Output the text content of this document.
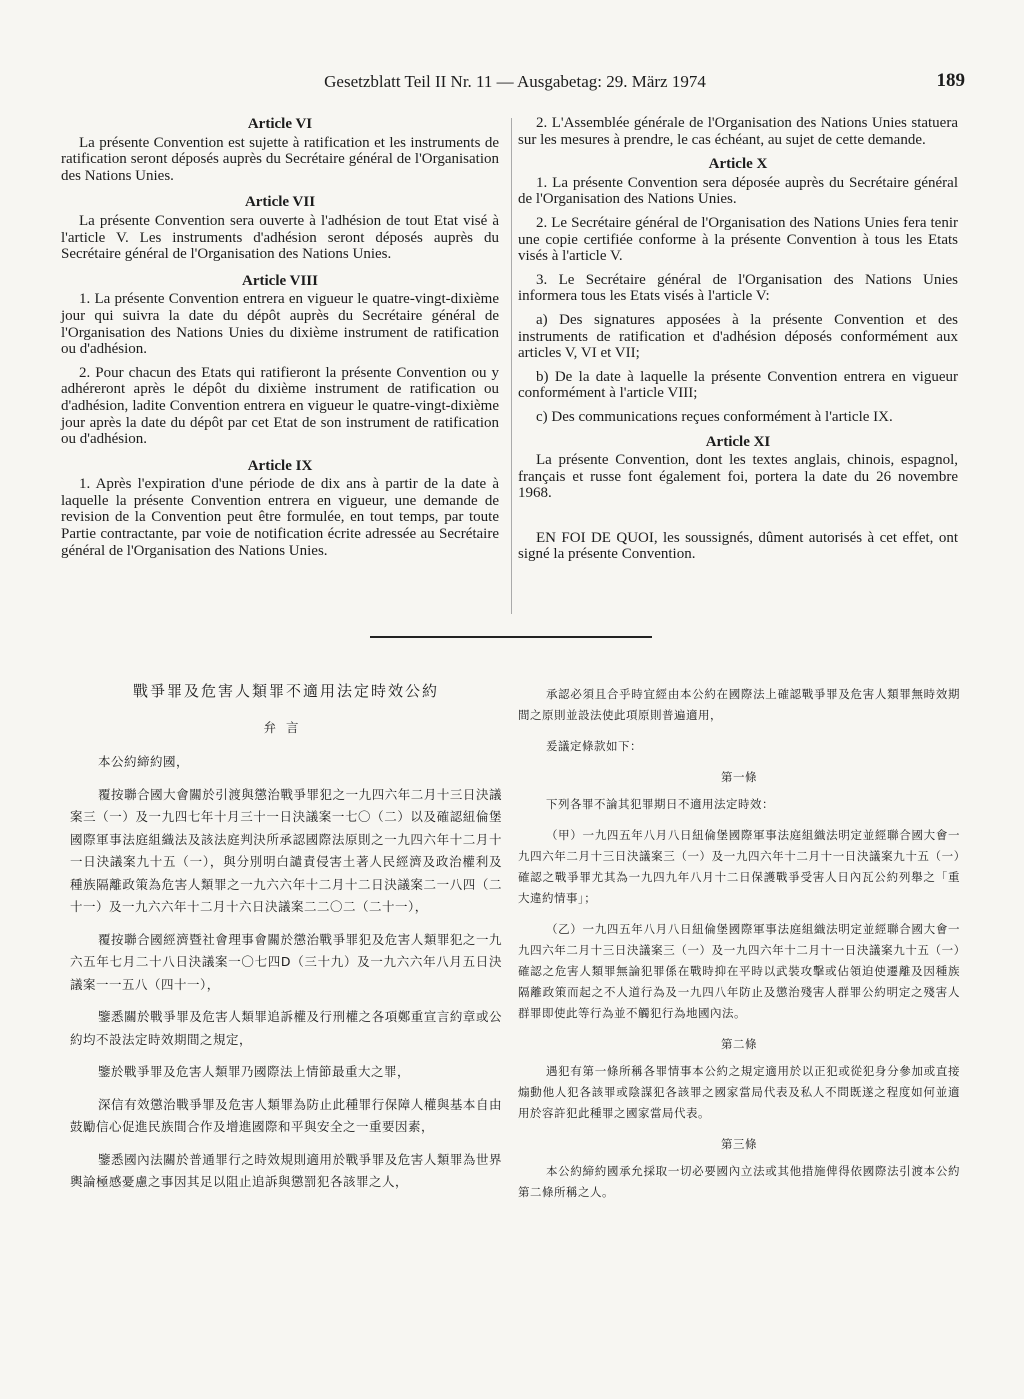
Gesetzblatt Teil II Nr. 11 — Ausgabetag: 29. März 1974	189
Article VI

La présente Convention est sujette à ratification et les instruments de ratification seront déposés auprès du Secrétaire général de l'Organisation des Nations Unies.

Article VII

La présente Convention sera ouverte à l'adhésion de tout Etat visé à l'article V. Les instruments d'adhésion seront déposés auprès du Secrétaire général de l'Organisation des Nations Unies.

Article VIII

1. La présente Convention entrera en vigueur le quatre-vingt-dixième jour qui suivra la date du dépôt auprès du Secrétaire général de l'Organisation des Nations Unies du dixième instrument de ratification ou d'adhésion.

2. Pour chacun des Etats qui ratifieront la présente Convention ou y adhéreront après le dépôt du dixième instrument de ratification ou d'adhésion, ladite Convention entrera en vigueur le quatre-vingt-dixième jour après la date du dépôt par cet Etat de son instrument de ratification ou d'adhésion.

Article IX

1. Après l'expiration d'une période de dix ans à partir de la date à laquelle la présente Convention entrera en vigueur, une demande de revision de la Convention peut être formulée, en tout temps, par toute Partie contractante, par voie de notification écrite adressée au Secrétaire général de l'Organisation des Nations Unies.

2. L'Assemblée générale de l'Organisation des Nations Unies statuera sur les mesures à prendre, le cas échéant, au sujet de cette demande.

Article X

1. La présente Convention sera déposée auprès du Secrétaire général de l'Organisation des Nations Unies.

2. Le Secrétaire général de l'Organisation des Nations Unies fera tenir une copie certifiée conforme à la présente Convention à tous les Etats visés à l'article V.

3. Le Secrétaire général de l'Organisation des Nations Unies informera tous les Etats visés à l'article V:

a) Des signatures apposées à la présente Convention et des instruments de ratification et d'adhésion déposés conformément aux articles V, VI et VII;

b) De la date à laquelle la présente Convention entrera en vigueur conformément à l'article VIII;

c) Des communications reçues conformément à l'article IX.

Article XI

La présente Convention, dont les textes anglais, chinois, espagnol, français et russe font également foi, portera la date du 26 novembre 1968.

EN FOI DE QUOI, les soussignés, dûment autorisés à cet effet, ont signé la présente Convention.

戰爭罪及危害人類罪不適用法定時效公約
弁言

本公約締約國，

覆按聯合國大會關於引渡與懲治戰爭罪犯之一九四六年二月十三日決議案三（一）及一九四七年十月三十一日決議案一七〇（二）以及確認紐倫堡國際軍事法庭組織法及該法庭判決所承認國際法原則之一九四六年十二月十一日決議案九十五（一），與分別明白譴責侵害土著人民經濟及政治權利及種族隔離政策為危害人類罪之一九六六年十二月十二日決議案二一八四（二十一）及一九六六年十二月十六日決議案二二〇二（二十一），

覆按聯合國經濟暨社會理事會關於懲治戰爭罪犯及危害人類罪犯之一九六五年七月二十八日決議案一〇七四D（三十九）及一九六六年八月五日決議案一一五八（四十一），

鑒悉關於戰爭罪及危害人類罪追訴權及行刑權之各項鄭重宣言約章或公約均不設法定時效期間之規定，

鑒於戰爭罪及危害人類罪乃國際法上情節最重大之罪，

深信有效懲治戰爭罪及危害人類罪為防止此種罪行保障人權與基本自由鼓勵信心促進民族間合作及增進國際和平與安全之一重要因素，

鑒悉國內法關於普通罪行之時效規則適用於戰爭罪及危害人類罪為世界輿論極感憂慮之事因其足以阻止追訴與懲罰犯各該罪之人，

承認必須且合乎時宜經由本公約在國際法上確認戰爭罪及危害人類罪無時效期間之原則並設法使此項原則普遍適用，

爰議定條款如下：

第一條

下列各罪不論其犯罪期日不適用法定時效：

（甲）一九四五年八月八日紐倫堡國際軍事法庭組織法明定並經聯合國大會一九四六年二月十三日決議案三（一）及一九四六年十二月十一日決議案九十五（一）確認之戰爭罪尤其為一九四九年八月十二日保護戰爭受害人日內瓦公約列舉之「重大違約情事」；

（乙）一九四五年八月八日紐倫堡國際軍事法庭組織法明定並經聯合國大會一九四六年二月十三日決議案三（一）及一九四六年十二月十一日決議案九十五（一）確認之危害人類罪無論犯罪係在戰時抑在平時以武裝攻擊或佔領迫使遷離及因種族隔離政策而起之不人道行為及一九四八年防止及懲治殘害人群罪公約明定之殘害人群罪即使此等行為並不觸犯行為地國內法。

第二條

遇犯有第一條所稱各罪情事本公約之規定適用於以正犯或從犯身分參加或直接煽動他人犯各該罪或陰謀犯各該罪之國家當局代表及私人不問既遂之程度如何並適用於容許犯此種罪之國家當局代表。

第三條

本公約締約國承允採取一切必要國內立法或其他措施俾得依國際法引渡本公約第二條所稱之人。
